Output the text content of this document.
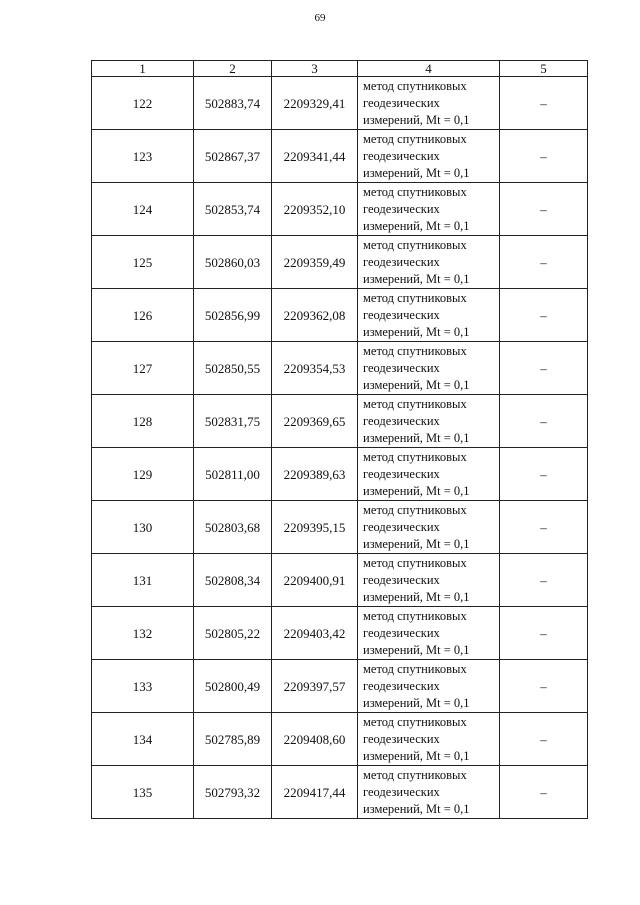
69
1	2	3	4	5
122	502883,74	2209329,41	метод спутниковых
геодезических
измерений, Mt = 0,1	–
123	502867,37	2209341,44	метод спутниковых
геодезических
измерений, Mt = 0,1	–
124	502853,74	2209352,10	метод спутниковых
геодезических
измерений, Mt = 0,1	–
125	502860,03	2209359,49	метод спутниковых
геодезических
измерений, Mt = 0,1	–
126	502856,99	2209362,08	метод спутниковых
геодезических
измерений, Mt = 0,1	–
127	502850,55	2209354,53	метод спутниковых
геодезических
измерений, Mt = 0,1	–
128	502831,75	2209369,65	метод спутниковых
геодезических
измерений, Mt = 0,1	–
129	502811,00	2209389,63	метод спутниковых
геодезических
измерений, Mt = 0,1	–
130	502803,68	2209395,15	метод спутниковых
геодезических
измерений, Mt = 0,1	–
131	502808,34	2209400,91	метод спутниковых
геодезических
измерений, Mt = 0,1	–
132	502805,22	2209403,42	метод спутниковых
геодезических
измерений, Mt = 0,1	–
133	502800,49	2209397,57	метод спутниковых
геодезических
измерений, Mt = 0,1	–
134	502785,89	2209408,60	метод спутниковых
геодезических
измерений, Mt = 0,1	–
135	502793,32	2209417,44	метод спутниковых
геодезических
измерений, Mt = 0,1	–
